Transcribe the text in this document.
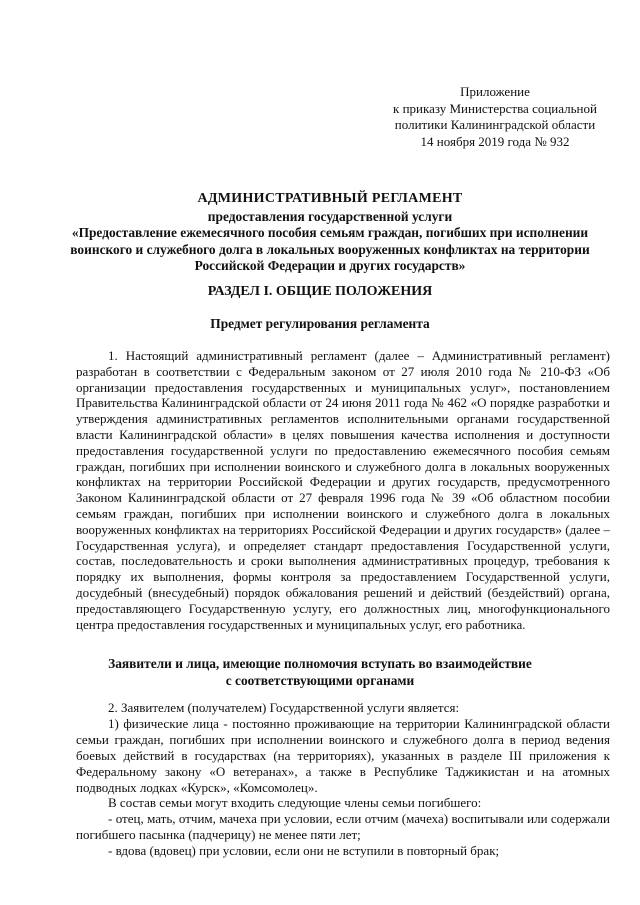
Приложение
к приказу Министерства социальной
политики Калининградской области
14 ноября 2019 года № 932
АДМИНИСТРАТИВНЫЙ РЕГЛАМЕНТ
предоставления государственной услуги
«Предоставление ежемесячного пособия семьям граждан, погибших при исполнении
воинского и служебного долга в локальных вооруженных конфликтах на территории
Российской Федерации и других государств»
РАЗДЕЛ I. ОБЩИЕ ПОЛОЖЕНИЯ
Предмет регулирования регламента

1. Настоящий административный регламент (далее – Административный регламент) разработан в соответствии с Федеральным законом от 27 июля 2010 года № 210-ФЗ «Об организации предоставления государственных и муниципальных услуг», постановлением Правительства Калининградской области от 24 июня 2011 года № 462 «О порядке разработки и утверждения административных регламентов исполнительными органами государственной власти Калининградской области» в целях повышения качества исполнения и доступности предоставления государственной услуги по предоставлению ежемесячного пособия семьям граждан, погибших при исполнении воинского и служебного долга в локальных вооруженных конфликтах на территории Российской Федерации и других государств, предусмотренного Законом Калининградской области от 27 февраля 1996 года № 39 «Об областном пособии семьям граждан, погибших при исполнении воинского и служебного долга в локальных вооруженных конфликтах на территориях Российской Федерации и других государств» (далее – Государственная услуга), и определяет стандарт предоставления Государственной услуги, состав, последовательность и сроки выполнения административных процедур, требования к порядку их выполнения, формы контроля за предоставлением Государственной услуги, досудебный (внесудебный) порядок обжалования решений и действий (бездействий) органа, предоставляющего Государственную услугу, его должностных лиц, многофункционального центра предоставления государственных и муниципальных услуг, его работника.

Заявители и лица, имеющие полномочия вступать во взаимодействие
с соответствующими органами

2. Заявителем (получателем) Государственной услуги является:

1) физические лица - постоянно проживающие на территории Калининградской области семьи граждан, погибших при исполнении воинского и служебного долга в период ведения боевых действий в государствах (на территориях), указанных в разделе III приложения к Федеральному закону «О ветеранах», а также в Республике Таджикистан и на атомных подводных лодках «Курск», «Комсомолец».

В состав семьи могут входить следующие члены семьи погибшего:

- отец, мать, отчим, мачеха при условии, если отчим (мачеха) воспитывали или содержали погибшего пасынка (падчерицу) не менее пяти лет;

- вдова (вдовец) при условии, если они не вступили в повторный брак;
